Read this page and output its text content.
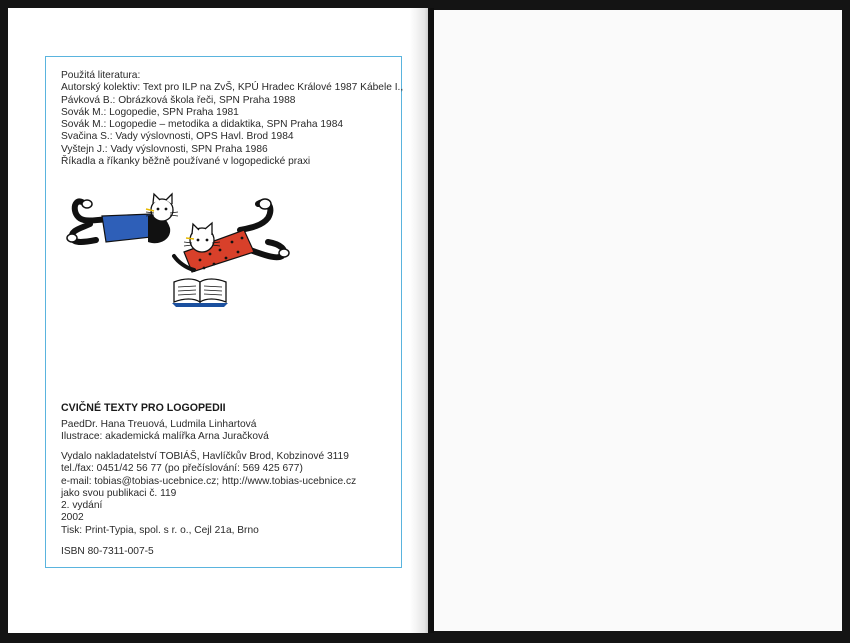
Použitá literatura:
Autorský kolektiv: Text pro ILP na ZvŠ, KPÚ Hradec Králové 1987 Kábele I.,
Pávková B.: Obrázková škola řeči, SPN Praha 1988
Sovák M.: Logopedie, SPN Praha 1981
Sovák M.: Logopedie – metodika a didaktika, SPN Praha 1984
Svačina S.: Vady výslovnosti, OPS Havl. Brod 1984
Vyštejn J.: Vady výslovnosti, SPN Praha 1986
Říkadla a říkanky běžně používané v logopedické praxi
CVIČNÉ TEXTY PRO LOGOPEDII
PaedDr. Hana Treuová, Ludmila Linhartová
Ilustrace: akademická malířka Arna Juračková
Vydalo nakladatelství TOBIÁŠ, Havlíčkův Brod, Kobzinové 3119
tel./fax: 0451/42 56 77 (po přečíslování: 569 425 677)
e-mail: tobias@tobias-ucebnice.cz; http://www.tobias-ucebnice.cz
jako svou publikaci č. 119
2. vydání
2002
Tisk: Print-Typia, spol. s r. o., Cejl 21a, Brno
ISBN 80-7311-007-5
